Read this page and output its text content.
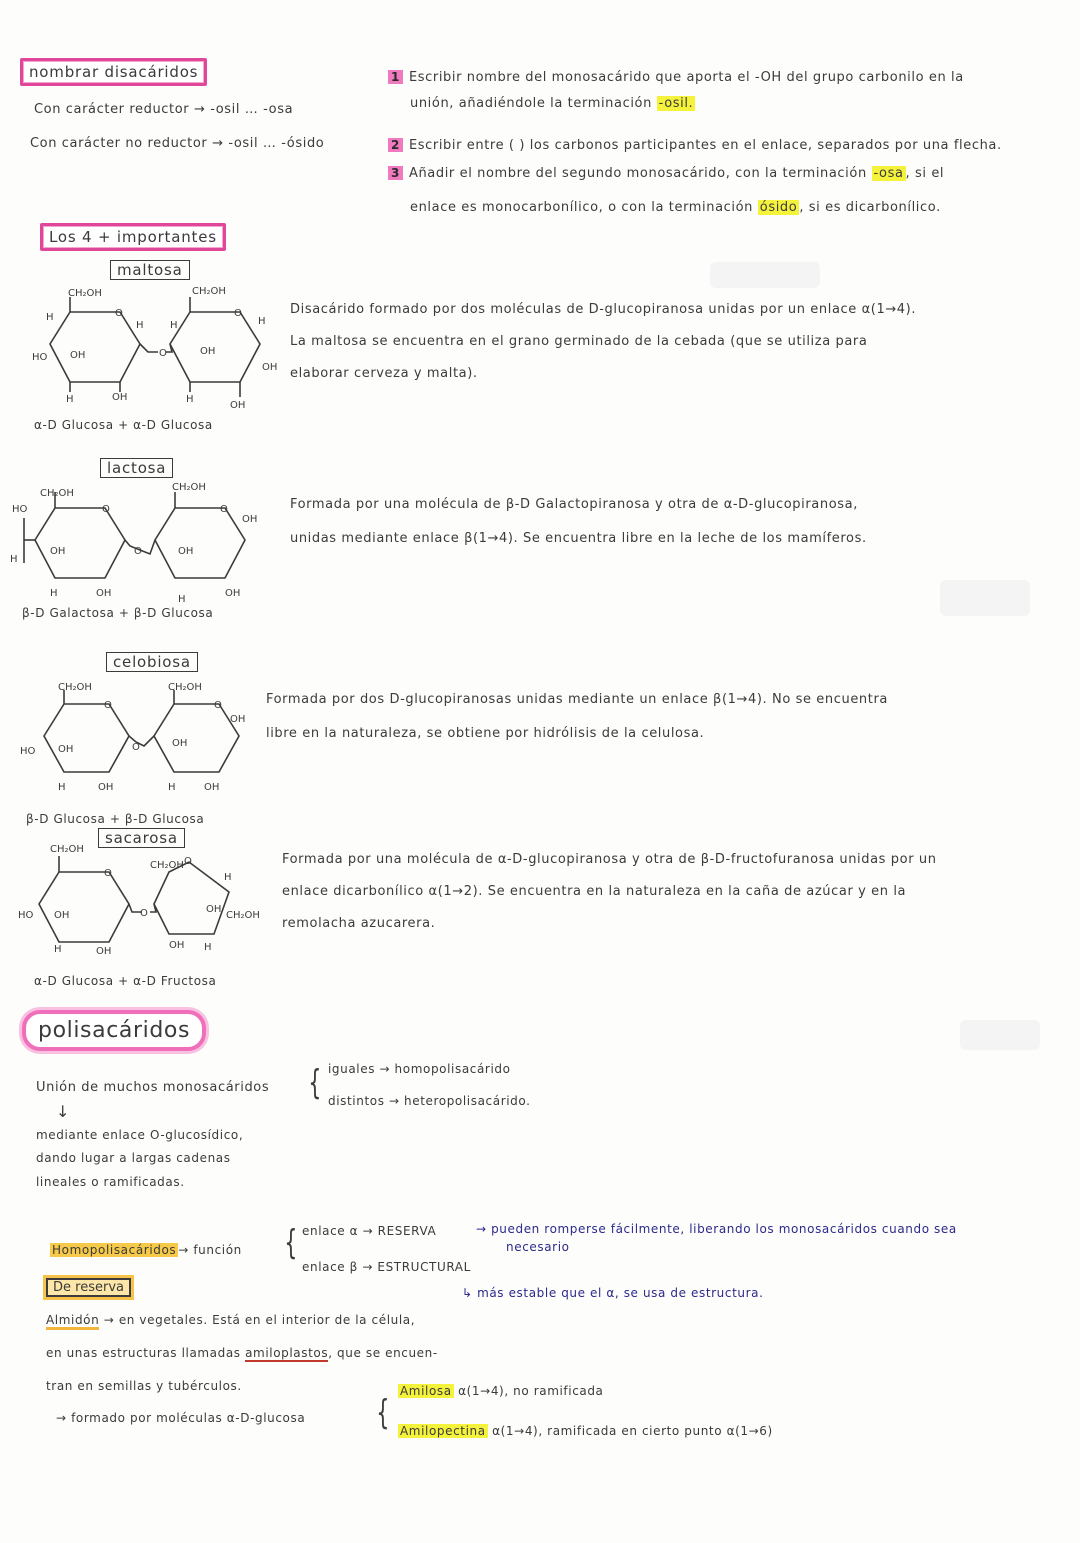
nombrar disacáridos
Con carácter reductor → -osil … -osa
Con carácter no reductor → -osil … -ósido
1 Escribir nombre del monosacárido que aporta el -OH del grupo carbonilo en la
unión, añadiéndole la terminación -osil.
2 Escribir entre ( ) los carbonos participantes en el enlace, separados por una flecha.
3 Añadir el nombre del segundo monosacárido, con la terminación -osa , si el
enlace es monocarbonílico, o con la terminación ósido , si es dicarbonílico.
Los 4 + importantes
maltosa
CH₂OH	CH₂OH
O	O
O
HO OH
OH
OH
OH
OH
H
H
H	H
H
H
α-D Glucosa + α-D Glucosa
Disacárido formado por dos moléculas de D-glucopiranosa unidas por un enlace α(1→4).
La maltosa se encuentra en el grano germinado de la cebada (que se utiliza para
elaborar cerveza y malta).
lactosa
CH₂OH
CH₂OH
O	O
O
HO
OH
OH
OH
OH
OH
H
H
H
β-D Galactosa + β-D Glucosa
Formada por una molécula de β-D Galactopiranosa y otra de α-D-glucopiranosa,
unidas mediante enlace β(1→4). Se encuentra libre en la leche de los mamíferos.
celobiosa
CH₂OH	CH₂OH
O	O
O
HO OH
OH
OH
OH
OH
H	H
β-D Glucosa + β-D Glucosa
Formada por dos D-glucopiranosas unidas mediante un enlace β(1→4). No se encuentra
libre en la naturaleza, se obtiene por hidrólisis de la celulosa.
sacarosa
CH₂OH
CH₂OH
O
O
O
HO OH
OH
OH
OH
CH₂OH
H	H
H
α-D Glucosa + α-D Fructosa
Formada por una molécula de α-D-glucopiranosa y otra de β-D-fructofuranosa unidas por un
enlace dicarbonílico α(1→2). Se encuentra en la naturaleza en la caña de azúcar y en la
remolacha azucarera.
polisacáridos
Unión de muchos monosacáridos { iguales → homopolisacárido
distintos → heteropolisacárido.
↓
mediante enlace O-glucosídico,
dando lugar a largas cadenas
lineales o ramificadas.
Homopolisacáridos → función { enlace α → RESERVA	→ pueden romperse fácilmente, liberando los monosacáridos cuando sea
necesario
enlace β → ESTRUCTURAL
↳ más estable que el α, se usa de estructura.
De reserva
Almidón → en vegetales. Está en el interior de la célula,
en unas estructuras llamadas amiloplastos, que se encuen-
tran en semillas y tubérculos.
→ formado por moléculas α-D-glucosa {
Amilosa α(1→4), no ramificada
Amilopectina α(1→4), ramificada en cierto punto α(1→6)
